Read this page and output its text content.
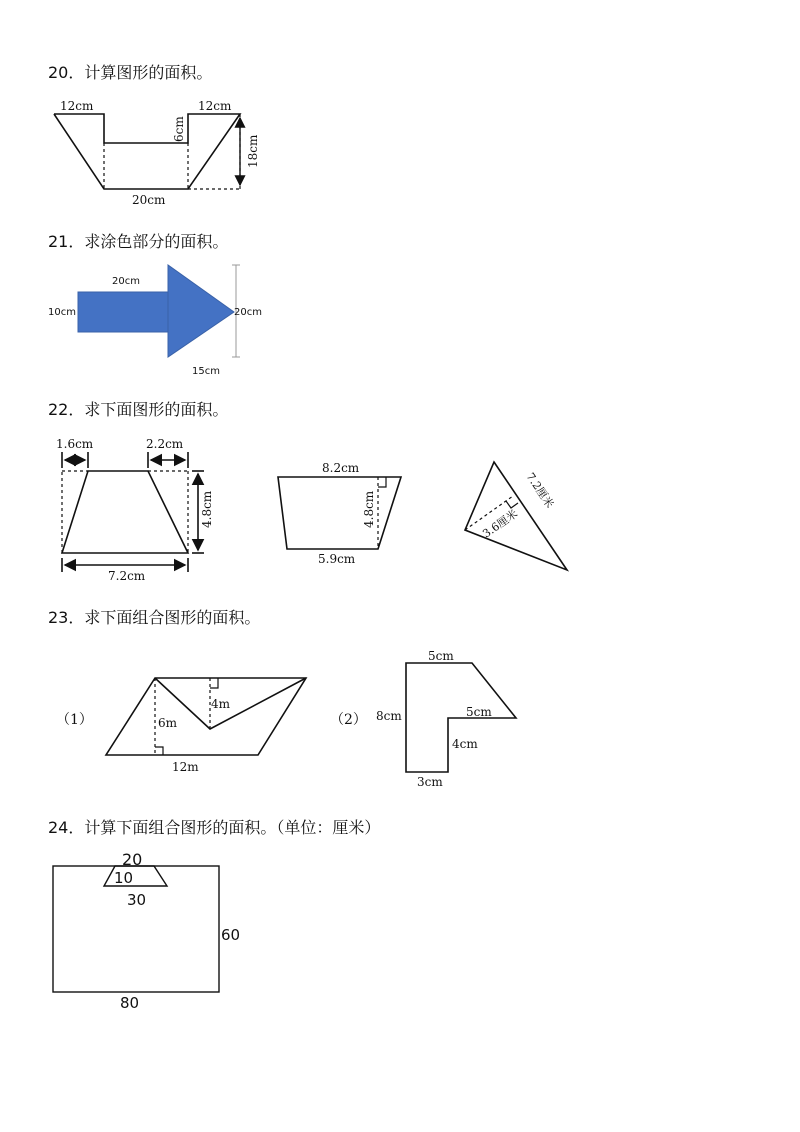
20．计算图形的面积。
21．求涂色部分的面积。
22．求下面图形的面积。
23．求下面组合图形的面积。
24．计算下面组合图形的面积。（单位：厘米）
12cm	12cm
6cm
18cm
20cm
20cm
10cm	20cm
15cm
1.6cm	2.2cm
4.8cm
7.2cm
8.2cm
4.8cm
5.9cm
7.2厘米
3.6厘米
（1）	6m
4m
12m
（2）
5cm
8cm	5cm
4cm
3cm
20
10
30
60
80
